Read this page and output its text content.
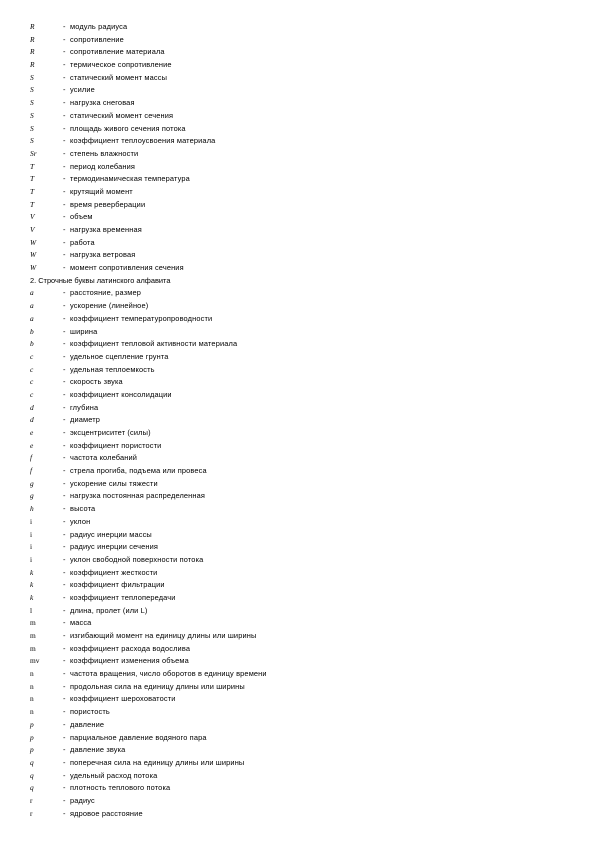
R	- модуль радиуса
R	- сопротивление
R	- сопротивление материала
R	- термическое сопротивление
S	- статический момент массы
S	- усилие
S	- нагрузка снеговая
S	- статический момент сечения
S	- площадь живого сечения потока
S	- коэффициент теплоусвоения материала
Sr	- степень влажности
T	- период колебания
T	- термодинамическая температура
T	- крутящий момент
T	- время реверберации
V	- объем
V	- нагрузка временная
W	- работа
W	- нагрузка ветровая
W	- момент сопротивления сечения
2. Строчные буквы латинского алфавита
a	- расстояние, размер
a	- ускорение (линейное)
a	- коэффициент температуропроводности
b	- ширина
b	- коэффициент тепловой активности материала
c	- удельное сцепление грунта
c	- удельная теплоемкость
c	- скорость звука
c	- коэффициент консолидации
d	- глубина
d	- диаметр
e	- эксцентриситет (силы)
e	- коэффициент пористости
f	- частота колебаний
f	- стрела прогиба, подъема или провеса
g	- ускорение силы тяжести
g	- нагрузка постоянная распределенная
h	- высота
i	- уклон
i	- радиус инерции массы
i	- радиус инерции сечения
i	- уклон свободной поверхности потока
k	- коэффициент жесткости
k	- коэффициент фильтрации
k	- коэффициент теплопередачи
l	- длина, пролет (или L)
m	- масса
m	- изгибающий момент на единицу длины или ширины
m	- коэффициент расхода водослива
mv	- коэффициент изменения объема
n	- частота вращения, число оборотов в единицу времени
n	- продольная сила на единицу длины или ширины
n	- коэффициент шероховатости
n	- пористость
p	- давление
p	- парциальное давление водяного пара
p	- давление звука
q	- поперечная сила на единицу длины или ширины
q	- удельный расход потока
q	- плотность теплового потока
r	- радиус
r	- ядровое расстояние
